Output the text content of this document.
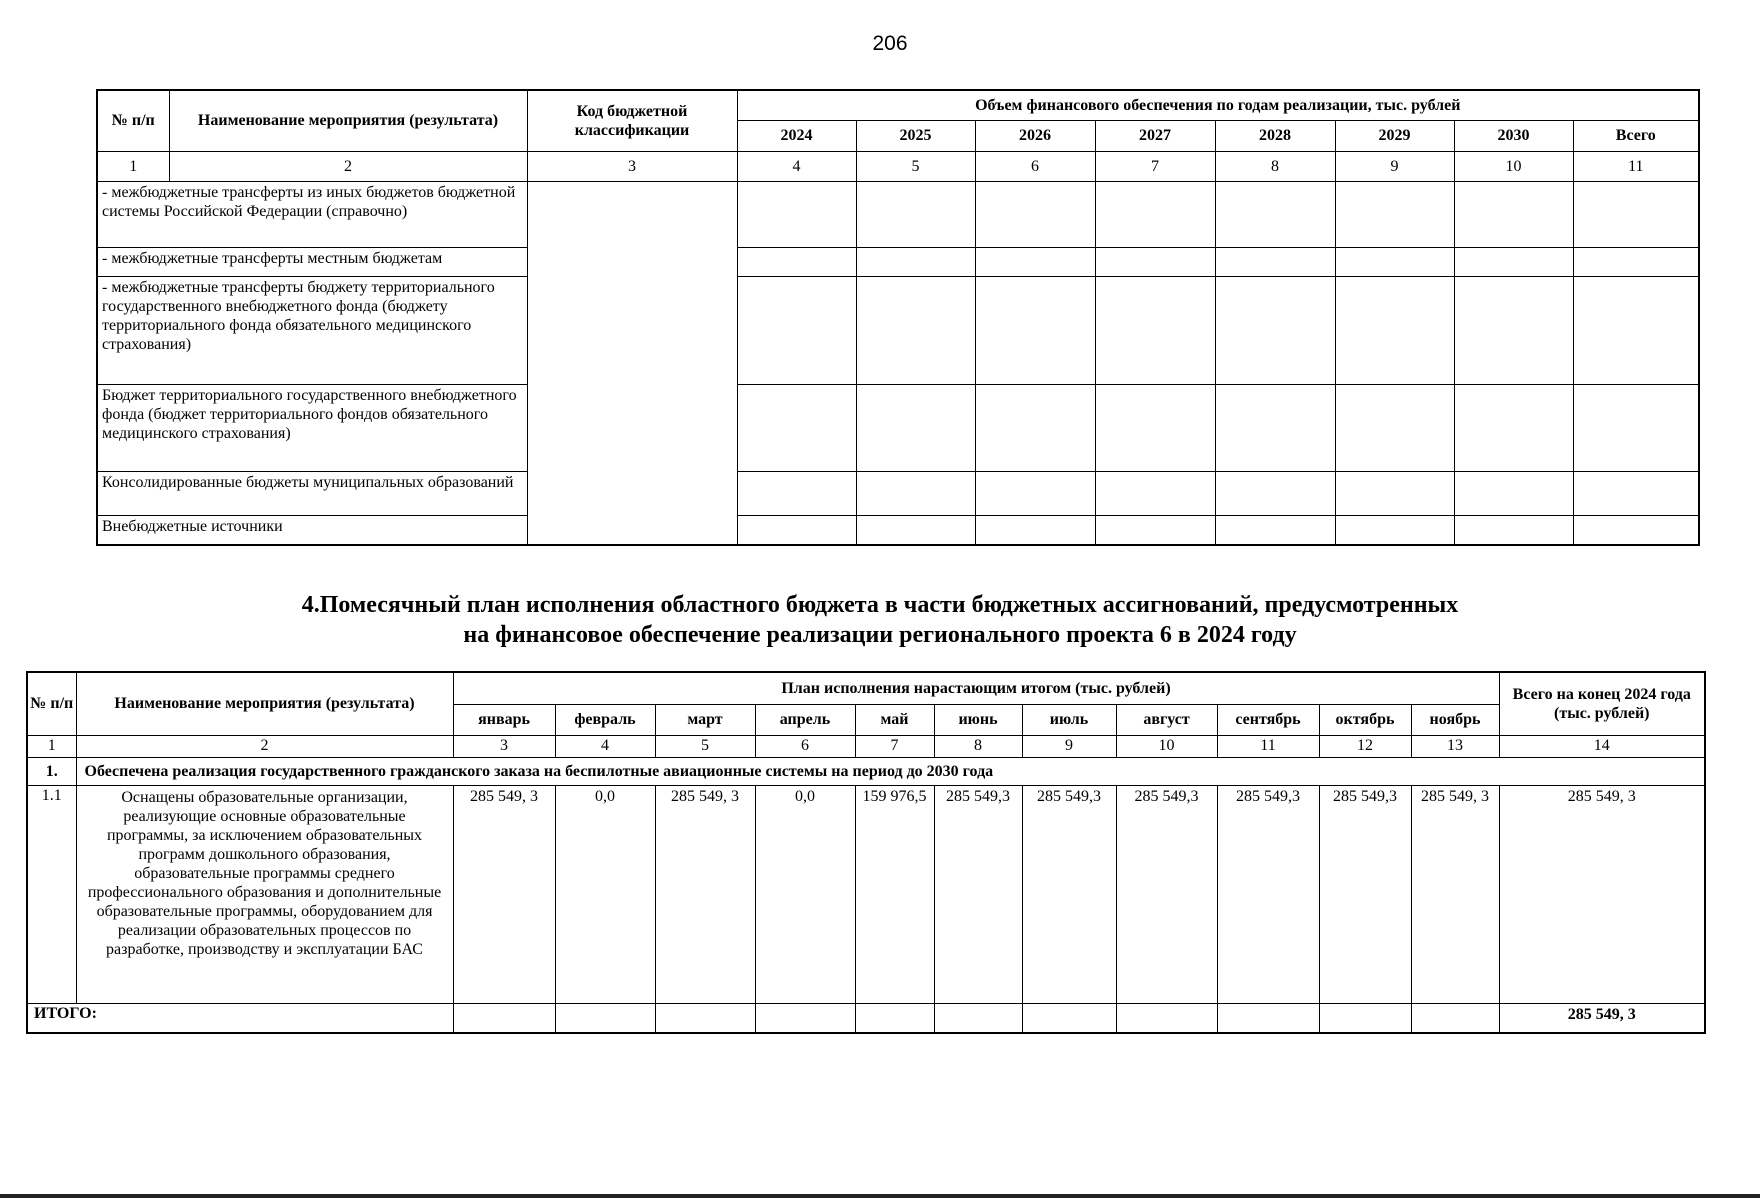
206
№ п/п	Наименование мероприятия (результата)	Код бюджетной классификации	Объем финансового обеспечения по годам реализации, тыс. рублей							
			2024	2025	2026	2027	2028	2029	2030	Всего
1	2	3	4	5	6	7	8	9	10	11
- межбюджетные трансферты из иных бюджетов бюджетной системы Российской Федерации (справочно)										
- межбюджетные трансферты местным бюджетам										
- межбюджетные трансферты бюджету территориального государственного внебюджетного фонда (бюджету территориального фонда обязательного медицинского страхования)										
Бюджет территориального государственного внебюджетного фонда (бюджет территориального фондов обязательного медицинского страхования)										
Консолидированные бюджеты муниципальных образований										
Внебюджетные источники										
4.Помесячный план исполнения областного бюджета в части бюджетных ассигнований, предусмотренных
на финансовое обеспечение реализации регионального проекта 6 в 2024 году
№ п/п	Наименование мероприятия (результата)	План исполнения нарастающим итогом (тыс. рублей)											Всего на конец 2024 года (тыс. рублей)
		январь	февраль	март	апрель	май	июнь	июль	август	сентябрь	октябрь	ноябрь	
1	2	3	4	5	6	7	8	9	10	11	12	13	14
1.	Обеспечена реализация государственного гражданского заказа на беспилотные авиационные системы на период до 2030 года												
1.1	Оснащены образовательные организации, реализующие основные образовательные программы, за исключением образовательных программ дошкольного образования, образовательные программы среднего профессионального образования и дополнительные образовательные программы, оборудованием для реализации образовательных процессов по разработке, производству и эксплуатации БАС	285 549, 3	0,0	285 549, 3	0,0	159 976,5	285 549,3	285 549,3	285 549,3	285 549,3	285 549,3	285 549, 3	285 549, 3
ИТОГО:													285 549, 3
